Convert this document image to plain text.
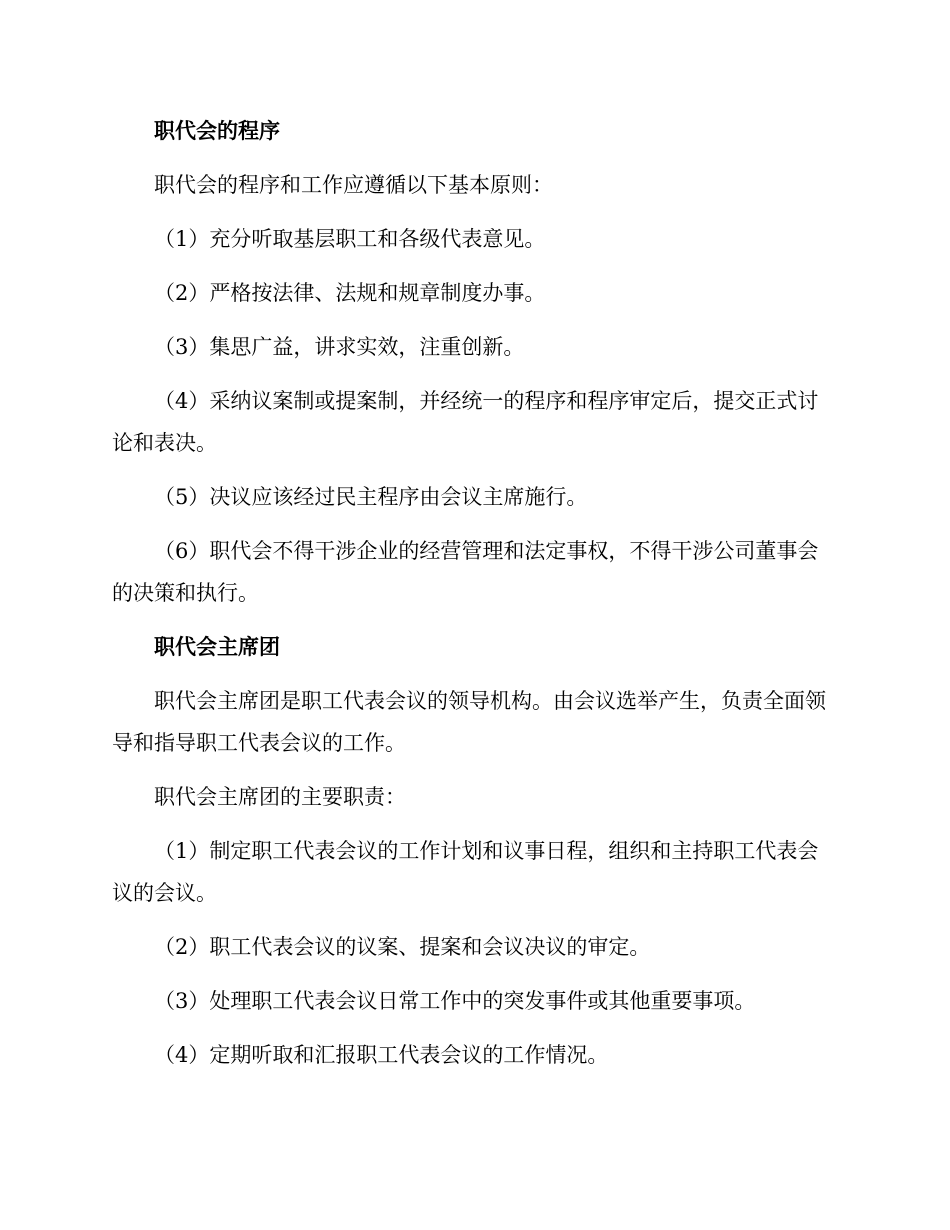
职代会的程序

职代会的程序和工作应遵循以下基本原则：

（1）充分听取基层职工和各级代表意见。

（2）严格按法律、法规和规章制度办事。

（3）集思广益，讲求实效，注重创新。

（4）采纳议案制或提案制，并经统一的程序和程序审定后，提交正式讨论和表决。

（5）决议应该经过民主程序由会议主席施行。

（6）职代会不得干涉企业的经营管理和法定事权，不得干涉公司董事会的决策和执行。

职代会主席团

职代会主席团是职工代表会议的领导机构。由会议选举产生，负责全面领导和指导职工代表会议的工作。

职代会主席团的主要职责：

（1）制定职工代表会议的工作计划和议事日程，组织和主持职工代表会议的会议。

（2）职工代表会议的议案、提案和会议决议的审定。

（3）处理职工代表会议日常工作中的突发事件或其他重要事项。

（4）定期听取和汇报职工代表会议的工作情况。
